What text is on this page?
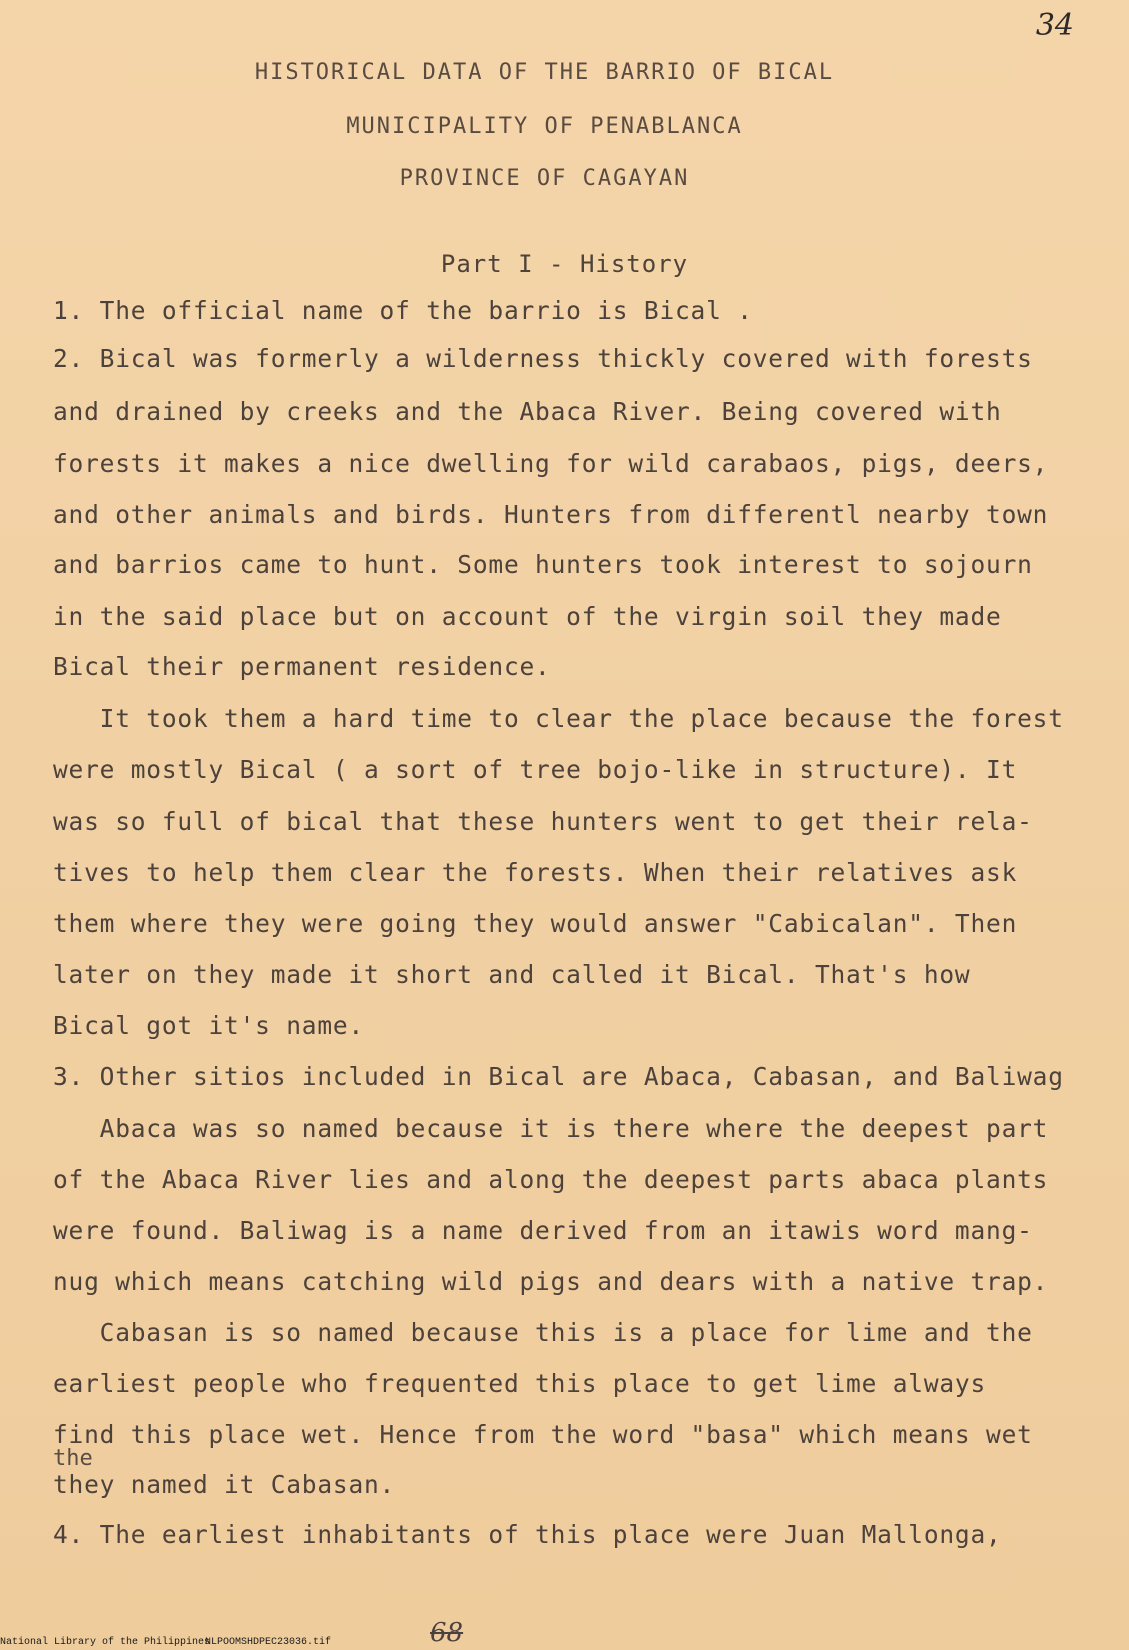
34
HISTORICAL DATA OF THE BARRIO OF BICAL
MUNICIPALITY OF PENABLANCA
PROVINCE OF CAGAYAN
Part I - History
1. The official name of the barrio is Bical .
2. Bical was formerly a wilderness thickly covered with forests
and drained by creeks and the Abaca River. Being covered with
forests it makes a nice dwelling for wild carabaos, pigs, deers,
and other animals and birds. Hunters from differentl nearby town
and barrios came to hunt. Some hunters took interest to sojourn
in the said place but on account of the virgin soil they made
Bical their permanent residence.
It took them a hard time to clear the place because the forest
were mostly Bical ( a sort of tree bojo-like in structure). It
was so full of bical that these hunters went to get their rela-
tives to help them clear the forests. When their relatives ask
them where they were going they would answer "Cabicalan". Then
later on they made it short and called it Bical. That's how
Bical got it's name.
3. Other sitios included in Bical are Abaca, Cabasan, and Baliwag
Abaca was so named because it is there where the deepest part
of the Abaca River lies and along the deepest parts abaca plants
were found. Baliwag is a name derived from an itawis word mang-
nug which means catching wild pigs and dears with a native trap.
Cabasan is so named because this is a place for lime and the
earliest people who frequented this place to get lime always
find this place wet. Hence from the word "basa" which means wet
the
they named it Cabasan.
4. The earliest inhabitants of this place were Juan Mallonga,
68
National Library of the Philippines
NLPOOMSHDPEC23036.tif
